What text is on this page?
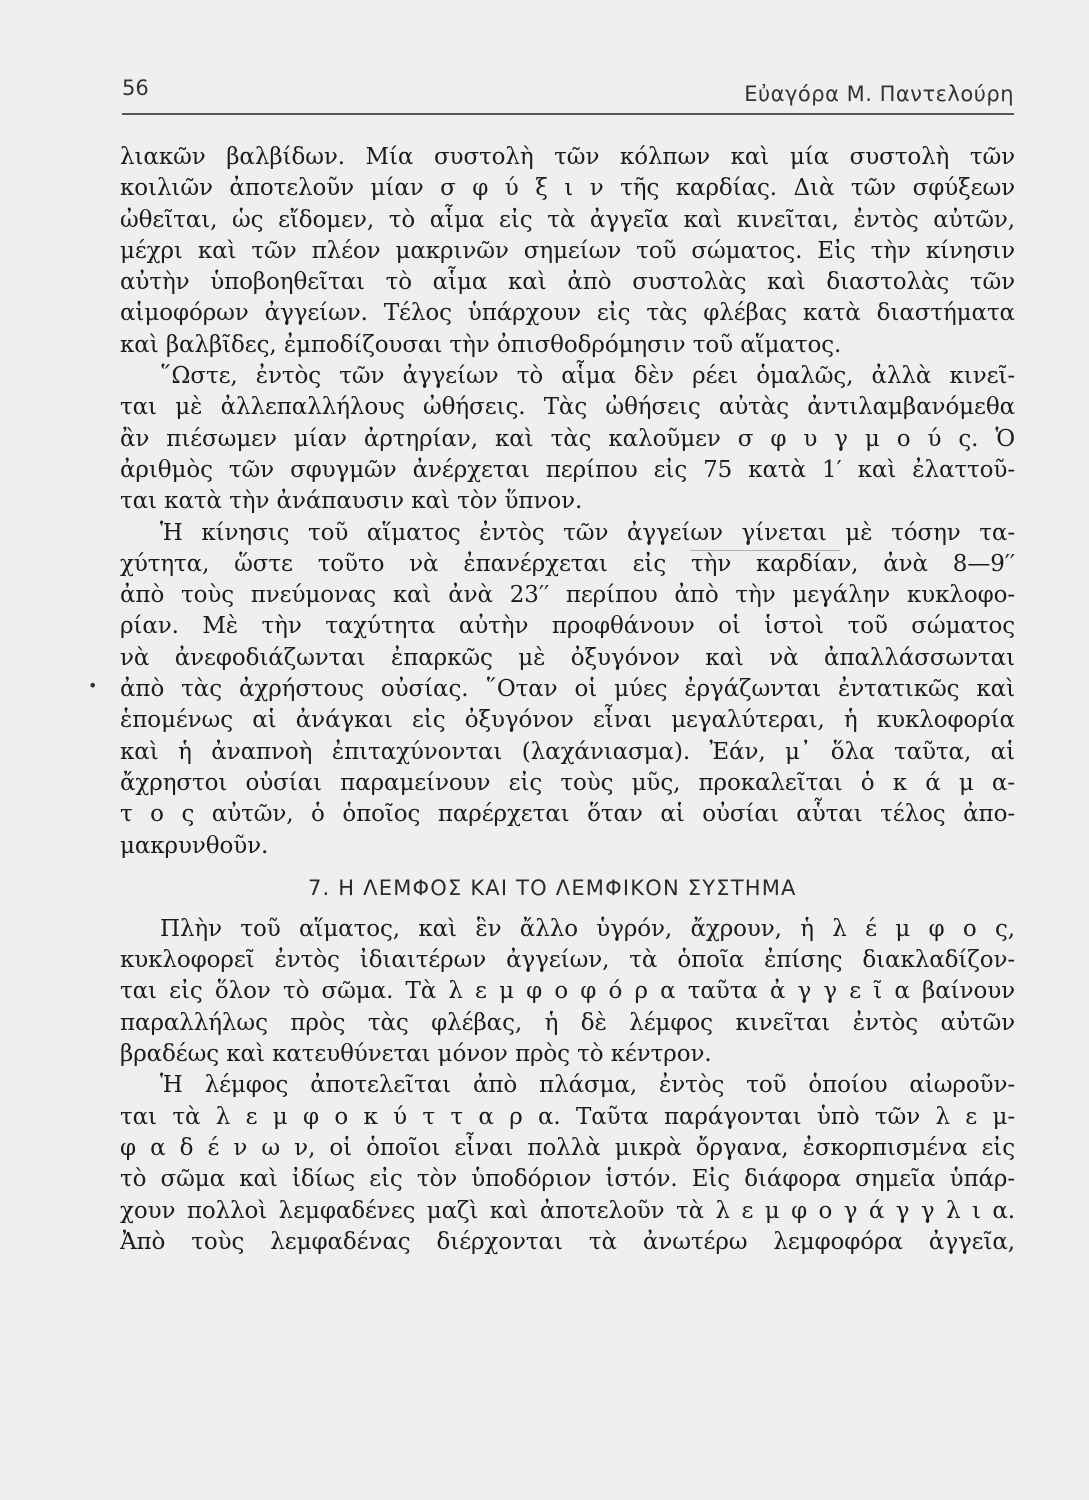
56	Εὐαγόρα Μ. Παντελούρη
•
λιακῶν βαλβίδων. Μία συστολὴ τῶν κόλπων καὶ μία συστολὴ τῶν
κοιλιῶν ἀποτελοῦν μίαν σ φ ύ ξ ι ν τῆς καρδίας. Διὰ τῶν σφύξεων
ὠθεῖται, ὡς εἴδομεν, τὸ αἷμα εἰς τὰ ἀγγεῖα καὶ κινεῖται, ἐντὸς αὐτῶν,
μέχρι καὶ τῶν πλέον μακρινῶν σημείων τοῦ σώματος. Εἰς τὴν κίνησιν
αὐτὴν ὑποβοηθεῖται τὸ αἷμα καὶ ἀπὸ συστολὰς καὶ διαστολὰς τῶν
αἱμοφόρων ἀγγείων. Τέλος ὑπάρχουν εἰς τὰς φλέβας κατὰ διαστήματα
καὶ βαλβῖδες, ἐμποδίζουσαι τὴν ὀπισθοδρόμησιν τοῦ αἵματος.
῞Ωστε, ἐντὸς τῶν ἀγγείων τὸ αἷμα δὲν ρέει ὁμαλῶς, ἀλλὰ κινεῖ-
ται μὲ ἀλλεπαλλήλους ὠθήσεις. Τὰς ὠθήσεις αὐτὰς ἀντιλαμβανόμεθα
ἂν πιέσωμεν μίαν ἀρτηρίαν, καὶ τὰς καλοῦμεν σ φ υ γ μ ο ύ ς. Ὁ
ἀριθμὸς τῶν σφυγμῶν ἀνέρχεται περίπου εἰς 75 κατὰ 1′ καὶ ἐλαττοῦ-
ται κατὰ τὴν ἀνάπαυσιν καὶ τὸν ὕπνον.
Ἡ κίνησις τοῦ αἵματος ἐντὸς τῶν ἀγγείων γίνεται μὲ τόσην τα-
χύτητα, ὥστε τοῦτο νὰ ἐπανέρχεται εἰς τὴν καρδίαν, ἀνὰ 8—9′′
ἀπὸ τοὺς πνεύμονας καὶ ἀνὰ 23′′ περίπου ἀπὸ τὴν μεγάλην κυκλοφο-
ρίαν. Μὲ τὴν ταχύτητα αὐτὴν προφθάνουν οἱ ἱστοὶ τοῦ σώματος
νὰ ἀνεφοδιάζωνται ἐπαρκῶς μὲ ὀξυγόνον καὶ νὰ ἀπαλλάσσωνται
ἀπὸ τὰς ἀχρήστους οὐσίας. ῞Οταν οἱ μύες ἐργάζωνται ἐντατικῶς καὶ
ἑπομένως αἱ ἀνάγκαι εἰς ὀξυγόνον εἶναι μεγαλύτεραι, ἡ κυκλοφορία
καὶ ἡ ἀναπνοὴ ἐπιταχύνονται (λαχάνιασμα). Ἐάν, μ᾽ ὅλα ταῦτα, αἱ
ἄχρηστοι οὐσίαι παραμείνουν εἰς τοὺς μῦς, προκαλεῖται ὁ κ ά μ α-
τ ο ς αὐτῶν, ὁ ὁποῖος παρέρχεται ὅταν αἱ οὐσίαι αὗται τέλος ἀπο-
μακρυνθοῦν.
7. Η ΛΕΜΦΟΣ ΚΑΙ ΤΟ ΛΕΜΦΙΚΟΝ ΣΥΣΤΗΜΑ
Πλὴν τοῦ αἵματος, καὶ ἓν ἄλλο ὑγρόν, ἄχρουν, ἡ λ έ μ φ ο ς,
κυκλοφορεῖ ἐντὸς ἰδιαιτέρων ἀγγείων, τὰ ὁποῖα ἐπίσης διακλαδίζον-
ται εἰς ὅλον τὸ σῶμα. Τὰ λ ε μ φ ο φ ό ρ α ταῦτα ἀ γ γ ε ῖ α βαίνουν
παραλλήλως πρὸς τὰς φλέβας, ἡ δὲ λέμφος κινεῖται ἐντὸς αὐτῶν
βραδέως καὶ κατευθύνεται μόνον πρὸς τὸ κέντρον.
Ἡ λέμφος ἀποτελεῖται ἀπὸ πλάσμα, ἐντὸς τοῦ ὁποίου αἰωροῦν-
ται τὰ λ ε μ φ ο κ ύ τ τ α ρ α. Ταῦτα παράγονται ὑπὸ τῶν λ ε μ-
φ α δ έ ν ω ν, οἱ ὁποῖοι εἶναι πολλὰ μικρὰ ὄργανα, ἐσκορπισμένα εἰς
τὸ σῶμα καὶ ἰδίως εἰς τὸν ὑποδόριον ἱστόν. Εἰς διάφορα σημεῖα ὑπάρ-
χουν πολλοὶ λεμφαδένες μαζὶ καὶ ἀποτελοῦν τὰ λ ε μ φ ο γ ά γ γ λ ι α.
Ἀπὸ τοὺς λεμφαδένας διέρχονται τὰ ἀνωτέρω λεμφοφόρα ἀγγεῖα,
